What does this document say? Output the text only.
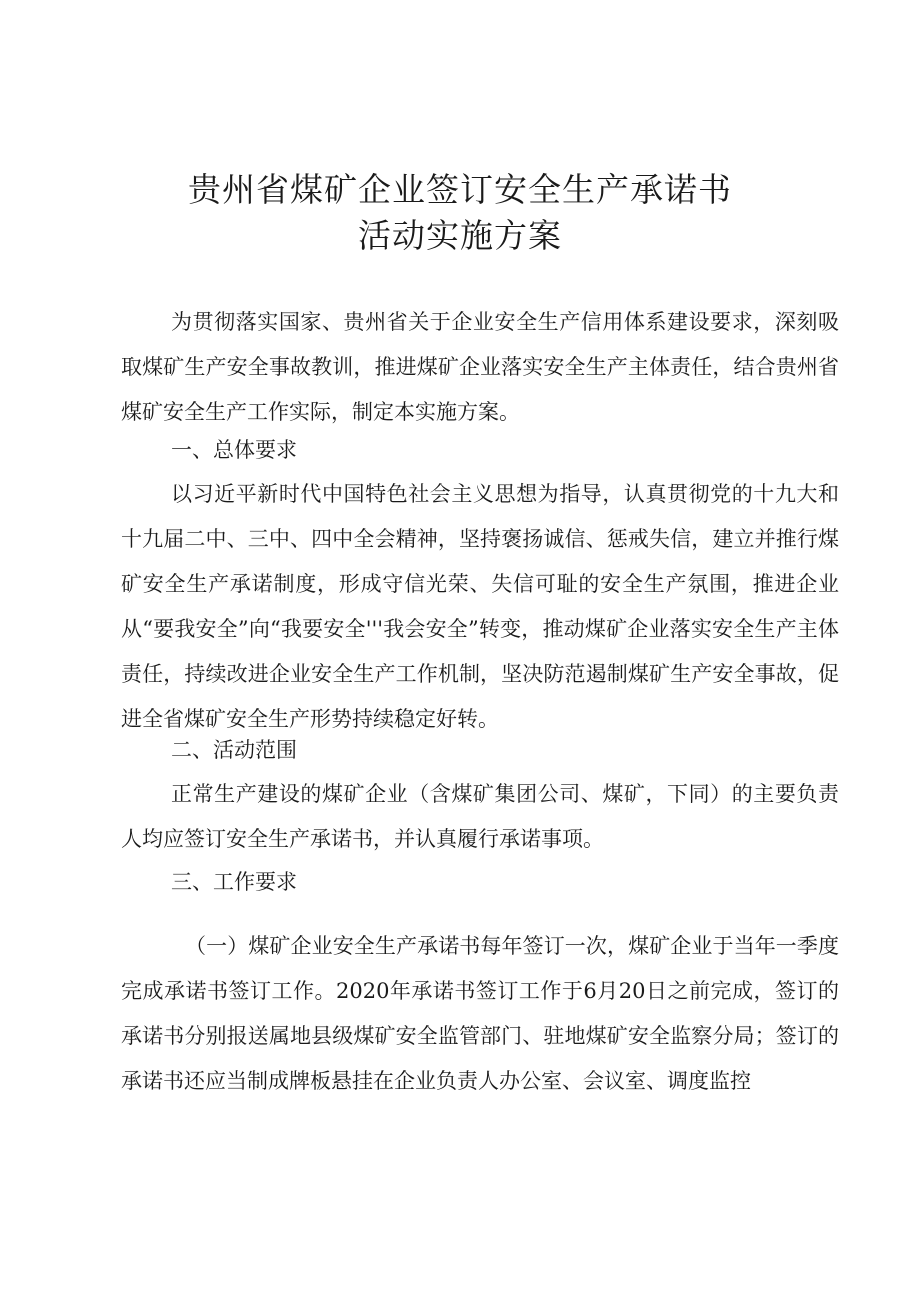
贵州省煤矿企业签订安全生产承诺书
活动实施方案

为贯彻落实国家、贵州省关于企业安全生产信用体系建设要求，深刻吸取煤矿生产安全事故教训，推进煤矿企业落实安全生产主体责任，结合贵州省煤矿安全生产工作实际，制定本实施方案。

一、总体要求

以习近平新时代中国特色社会主义思想为指导，认真贯彻党的十九大和十九届二中、三中、四中全会精神，坚持褒扬诚信、惩戒失信，建立并推行煤矿安全生产承诺制度，形成守信光荣、失信可耻的安全生产氛围，推进企业从“要我安全”向“我要安全'''我会安全”转变，推动煤矿企业落实安全生产主体责任，持续改进企业安全生产工作机制，坚决防范遏制煤矿生产安全事故，促进全省煤矿安全生产形势持续稳定好转。

二、活动范围

正常生产建设的煤矿企业（含煤矿集团公司、煤矿，下同）的主要负责人均应签订安全生产承诺书，并认真履行承诺事项。

三、工作要求

（一）煤矿企业安全生产承诺书每年签订一次，煤矿企业于当年一季度完成承诺书签订工作。2020年承诺书签订工作于6月20日之前完成，签订的承诺书分别报送属地县级煤矿安全监管部门、驻地煤矿安全监察分局；签订的承诺书还应当制成牌板悬挂在企业负责人办公室、会议室、调度监控
